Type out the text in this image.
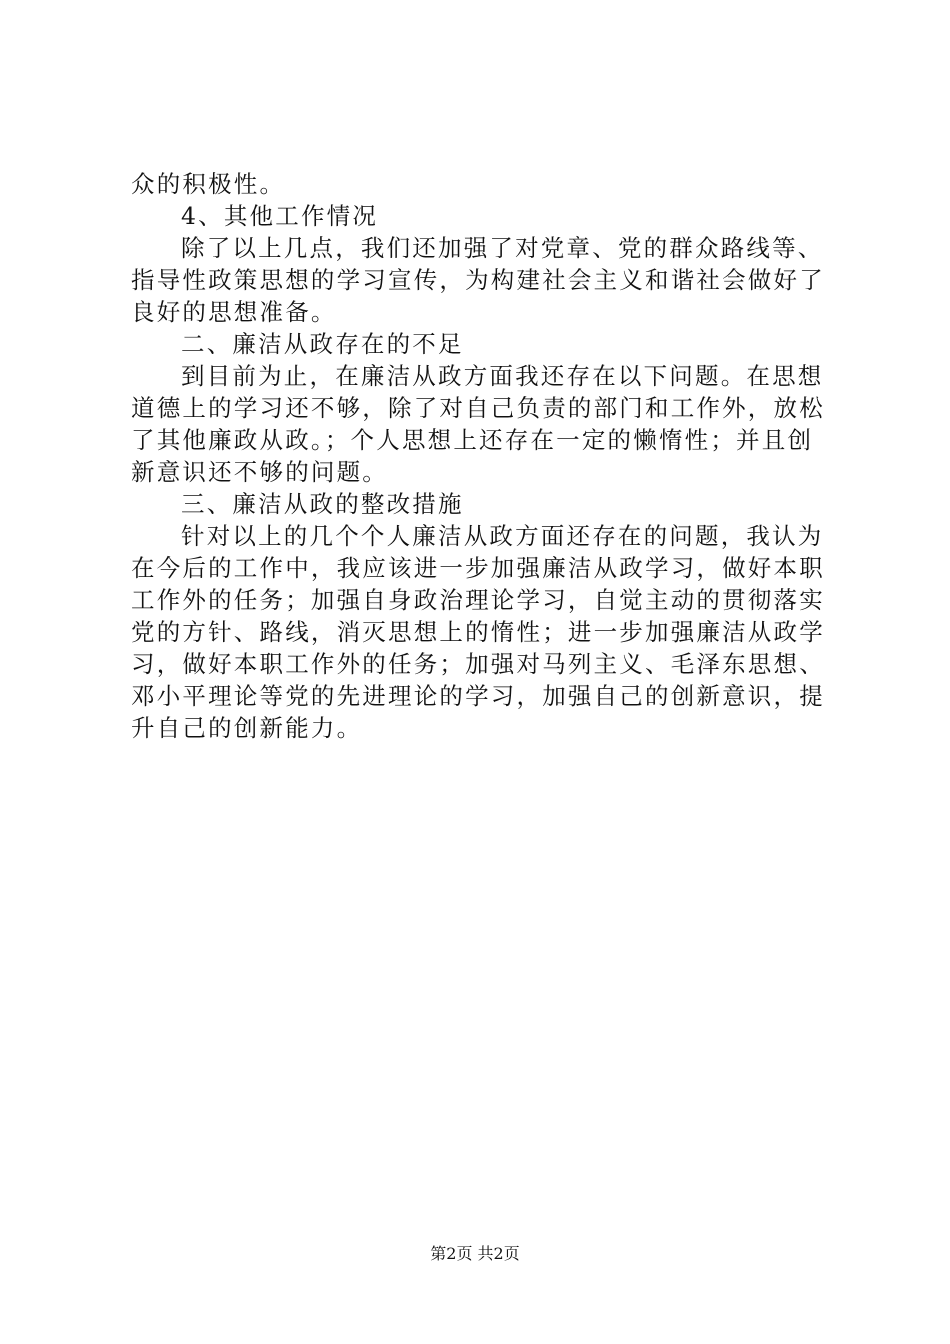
众的积极性。

4、其他工作情况

除了以上几点，我们还加强了对党章、党的群众路线等、指导性政策思想的学习宣传，为构建社会主义和谐社会做好了良好的思想准备。

二、廉洁从政存在的不足

到目前为止，在廉洁从政方面我还存在以下问题。在思想道德上的学习还不够，除了对自己负责的部门和工作外，放松了其他廉政从政。；个人思想上还存在一定的懒惰性；并且创新意识还不够的问题。

三、廉洁从政的整改措施

针对以上的几个个人廉洁从政方面还存在的问题，我认为在今后的工作中，我应该进一步加强廉洁从政学习，做好本职工作外的任务；加强自身政治理论学习，自觉主动的贯彻落实党的方针、路线，消灭思想上的惰性；进一步加强廉洁从政学习，做好本职工作外的任务；加强对马列主义、毛泽东思想、邓小平理论等党的先进理论的学习，加强自己的创新意识，提升自己的创新能力。

第2页 共2页
